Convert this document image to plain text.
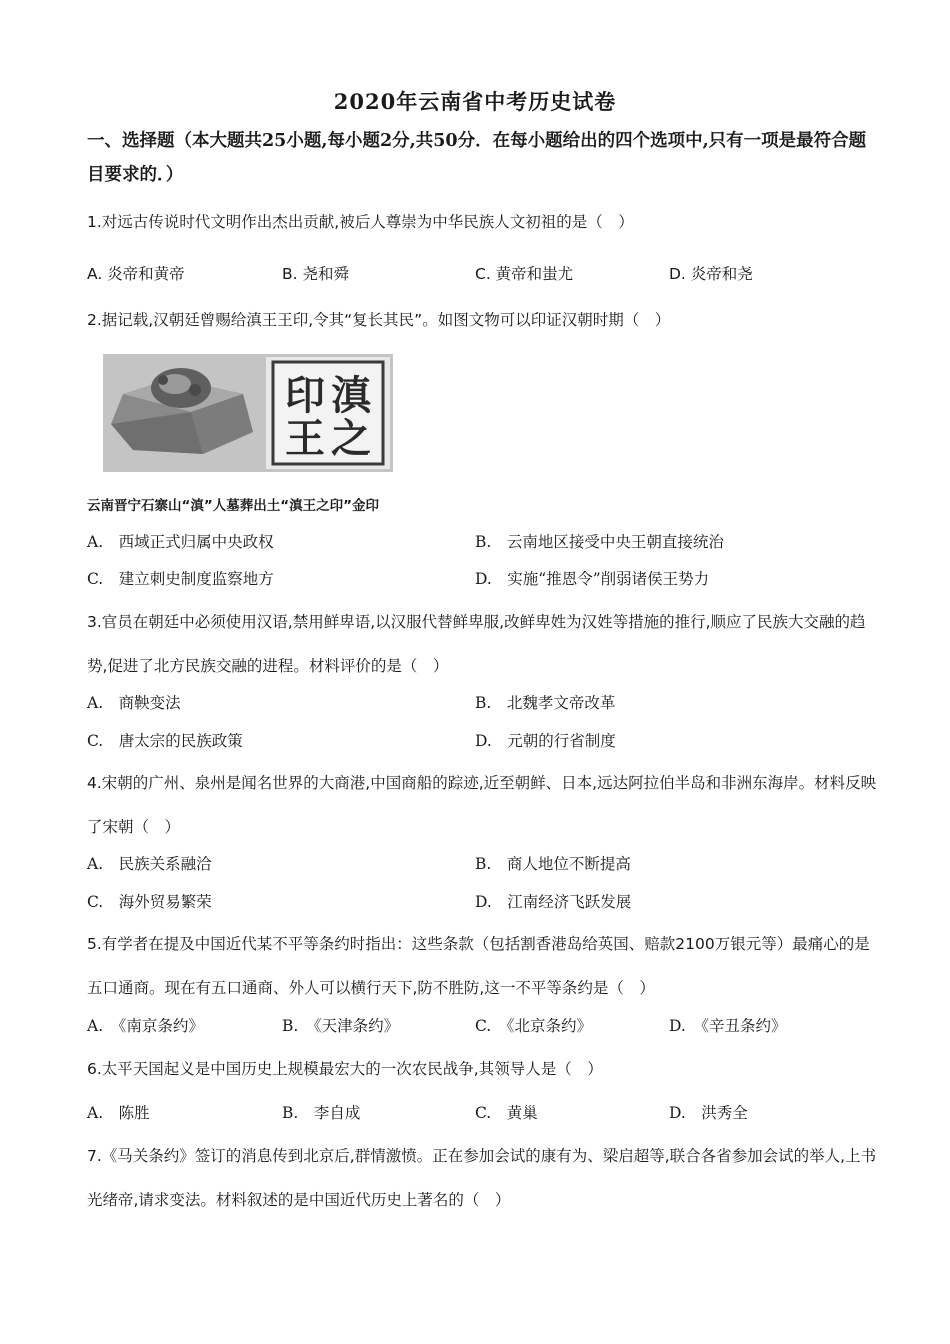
2020年云南省中考历史试卷
一、选择题（本大题共25小题,每小题2分,共50分．在每小题给出的四个选项中,只有一项是最符合题目要求的．）
1.对远古传说时代文明作出杰出贡献,被后人尊崇为中华民族人文初祖的是（　）
A. 炎帝和黄帝	B. 尧和舜	C. 黄帝和蚩尤	D. 炎帝和尧
2.据记载,汉朝廷曾赐给滇王王印,令其“复长其民”。如图文物可以印证汉朝时期（　）
滇
王 之
印
云南晋宁石寨山“滇”人墓葬出土“滇王之印”金印
A.　西域正式归属中央政权	B.　云南地区接受中央王朝直接统治
C.　建立刺史制度监察地方	D.　实施“推恩令”削弱诸侯王势力
3.官员在朝廷中必须使用汉语,禁用鲜卑语,以汉服代替鲜卑服,改鲜卑姓为汉姓等措施的推行,顺应了民族大交融的趋势,促进了北方民族交融的进程。材料评价的是（　）
A.　商鞅变法	B.　北魏孝文帝改革
C.　唐太宗的民族政策	D.　元朝的行省制度
4.宋朝的广州、泉州是闻名世界的大商港,中国商船的踪迹,近至朝鲜、日本,远达阿拉伯半岛和非洲东海岸。材料反映了宋朝（　）
A.　民族关系融洽	B.　商人地位不断提高
C.　海外贸易繁荣	D.　江南经济飞跃发展
5.有学者在提及中国近代某不平等条约时指出：这些条款（包括割香港岛给英国、赔款2100万银元等）最痛心的是五口通商。现在有五口通商、外人可以横行天下,防不胜防,这一不平等条约是（　）
A.　《南京条约》	B.　《天津条约》	C.　《北京条约》	D.　《辛丑条约》
6.太平天国起义是中国历史上规模最宏大的一次农民战争,其领导人是（　）
A.　陈胜	B.　李自成	C.　黄巢	D.　洪秀全
7.《马关条约》签订的消息传到北京后,群情激愤。正在参加会试的康有为、梁启超等,联合各省参加会试的举人,上书光绪帝,请求变法。材料叙述的是中国近代历史上著名的（　）
